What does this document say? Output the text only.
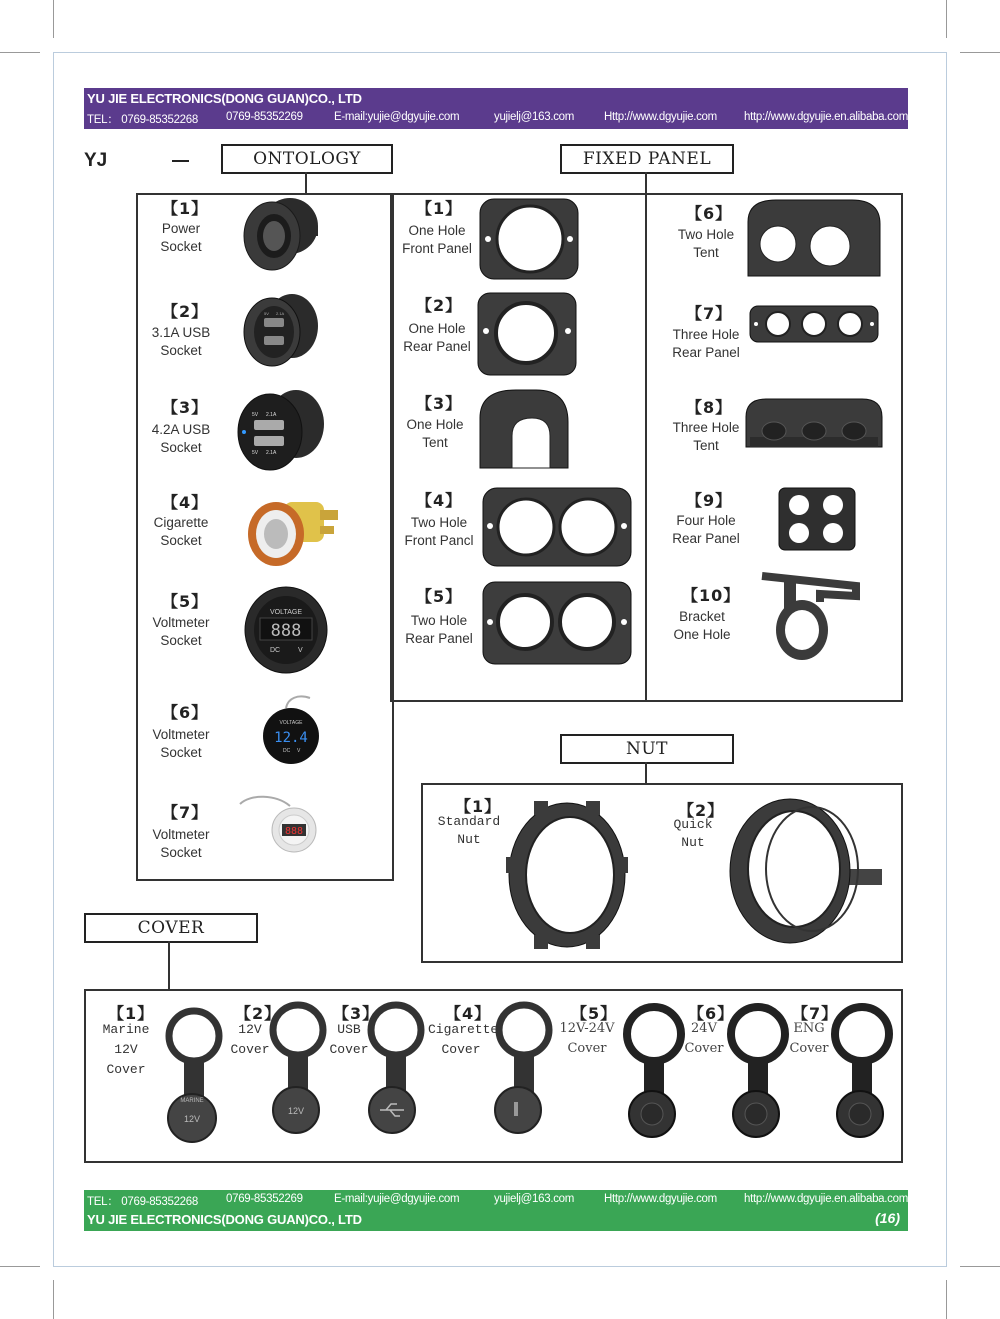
YU JIE ELECTRONICS(DONG GUAN)CO., LTD
TEL： 0769-85352268 0769-85352269	E-mail:yujie@dgyujie.com	yujielj@163.com	Http://www.dgyujie.com http://www.dgyujie.en.alibaba.com
YJ	ONTOLOGY	FIXED PANEL
NUT
COVER
【1】
Power
Socket
【2】
3.1A USB
Socket
5V 2.1A
【3】
4.2A USB
Socket
5V 2.1A
5V 2.1A
【4】
Cigarette
Socket
【5】
Voltmeter
Socket
VOLTAGE
888
DC	V
【6】
Voltmeter
Socket
VOLTAGE
12.4
DC V
【7】
Voltmeter
Socket
888
【1】
One Hole
Front Panel
【2】
One Hole
Rear Panel
【3】
One Hole
Tent
【4】
Two Hole
Front Pancl
【5】
Two Hole
Rear Panel
【6】
Two Hole
Tent
【7】
Three Hole
Rear Panel
【8】
Three Hole
Tent
【9】
Four Hole
Rear Panel
【10】
Bracket
One Hole
【1】
Standard
Nut
【2】
Quick
Nut
【1】
Marine 12V
Cover
MARINE
12V
【2】
12V
Cover
12V
【3】
USB
Cover
【4】
Cigarette
Cover
【5】
12V-24V
Cover
【6】
24V
Cover
【7】
ENG
Cover
TEL： 0769-85352268 0769-85352269	E-mail:yujie@dgyujie.com	yujielj@163.com	Http://www.dgyujie.com http://www.dgyujie.en.alibaba.com
YU JIE ELECTRONICS(DONG GUAN)CO., LTD	(16)
